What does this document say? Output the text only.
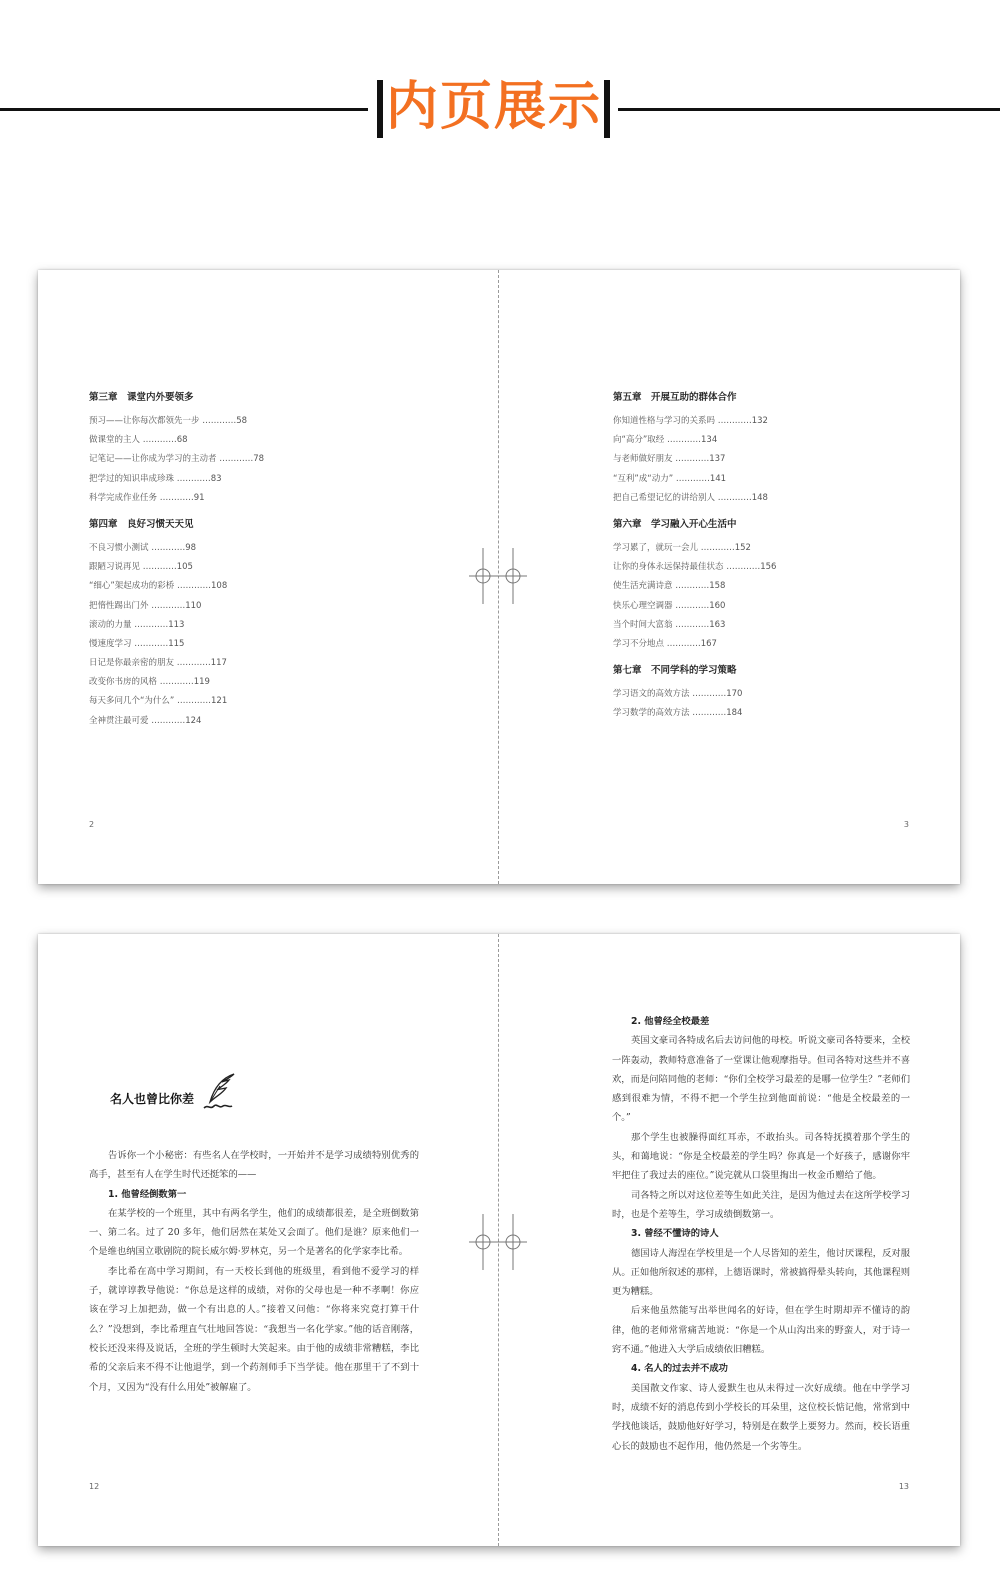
内页展示
第三章　课堂内外要领多
预习——让你每次都领先一步 …………58
做课堂的主人 …………68
记笔记——让你成为学习的主动者 …………78
把学过的知识串成珍珠 …………83
科学完成作业任务 …………91
第四章　良好习惯天天见
不良习惯小测试 …………98
跟陋习说再见 …………105
“细心”架起成功的彩桥 …………108
把惰性踢出门外 …………110
滚动的力量 …………113
慢速度学习 …………115
日记是你最亲密的朋友 …………117
改变你书房的风格 …………119
每天多问几个“为什么” …………121
全神贯注最可爱 …………124
2
第五章　开展互助的群体合作
你知道性格与学习的关系吗 …………132
向“高分”取经 …………134
与老师做好朋友 …………137
“互利”成“动力” …………141
把自己希望记忆的讲给别人 …………148
第六章　学习融入开心生活中
学习累了，就玩一会儿 …………152
让你的身体永远保持最佳状态 …………156
使生活充满诗意 …………158
快乐心理空调器 …………160
当个时间大富翁 …………163
学习不分地点 …………167
第七章　不同学科的学习策略
学习语文的高效方法 …………170
学习数学的高效方法 …………184
3
名人也曾比你差

告诉你一个小秘密：有些名人在学校时，一开始并不是学习成绩特别优秀的高手，甚至有人在学生时代还挺笨的——

1. 他曾经倒数第一

在某学校的一个班里，其中有两名学生，他们的成绩都很差，是全班倒数第一、第二名。过了 20 多年，他们居然在某处又会面了。他们是谁？原来他们一个是维也纳国立歌剧院的院长威尔姆·罗林克，另一个是著名的化学家李比希。

李比希在高中学习期间，有一天校长到他的班级里，看到他不爱学习的样子，就谆谆教导他说：“你总是这样的成绩，对你的父母也是一种不孝啊！你应该在学习上加把劲，做一个有出息的人。”接着又问他：“你将来究竟打算干什么？”没想到，李比希理直气壮地回答说：“我想当一名化学家。”他的话音刚落，校长还没来得及说话，全班的学生顿时大笑起来。由于他的成绩非常糟糕，李比希的父亲后来不得不让他退学，到一个药剂师手下当学徒。他在那里干了不到十个月，又因为“没有什么用处”被解雇了。

12

2. 他曾经全校最差

英国文豪司各特成名后去访问他的母校。听说文豪司各特要来，全校一阵轰动，教师特意准备了一堂课让他观摩指导。但司各特对这些并不喜欢，而是问陪同他的老师：“你们全校学习最差的是哪一位学生？”老师们感到很难为情，不得不把一个学生拉到他面前说：“他是全校最差的一个。”

那个学生也被臊得面红耳赤，不敢抬头。司各特抚摸着那个学生的头，和蔼地说：“你是全校最差的学生吗？你真是一个好孩子，感谢你牢牢把住了我过去的座位。”说完就从口袋里掏出一枚金币赠给了他。

司各特之所以对这位差等生如此关注，是因为他过去在这所学校学习时，也是个差等生，学习成绩倒数第一。

3. 曾经不懂诗的诗人

德国诗人海涅在学校里是一个人尽皆知的差生，他讨厌课程，反对服从。正如他所叙述的那样，上德语课时，常被搞得晕头转向，其他课程则更为糟糕。

后来他虽然能写出举世闻名的好诗，但在学生时期却弄不懂诗的韵律，他的老师常常痛苦地说：“你是一个从山沟出来的野蛮人，对于诗一窍不通。”他进入大学后成绩依旧糟糕。

4. 名人的过去并不成功

美国散文作家、诗人爱默生也从未得过一次好成绩。他在中学学习时，成绩不好的消息传到小学校长的耳朵里，这位校长惦记他，常常到中学找他谈话，鼓励他好好学习，特别是在数学上要努力。然而，校长语重心长的鼓励也不起作用，他仍然是一个劣等生。

13
